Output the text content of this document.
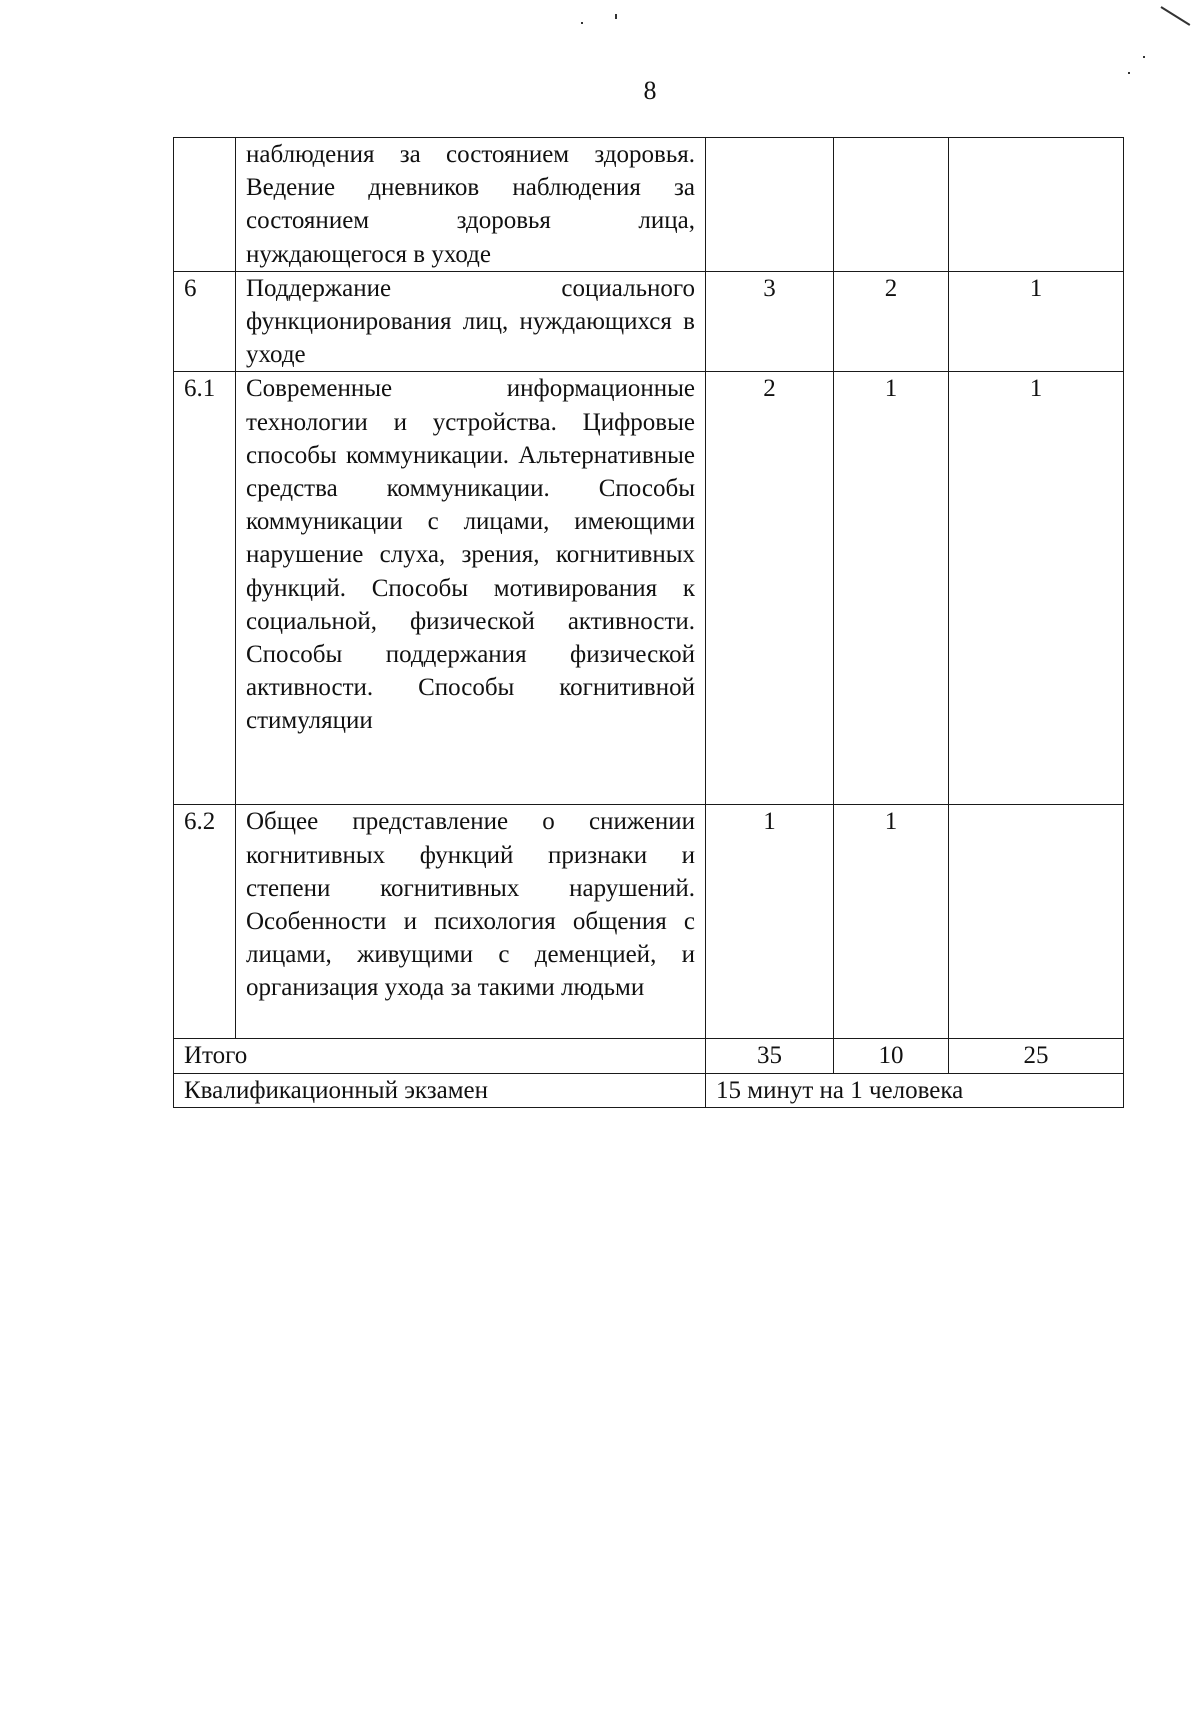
8
	наблюдения за состоянием здоровья. Ведение дневников наблюдения за состоянием здоровья лица, нуждающегося в уходе			
6	Поддержание социального функционирования лиц, нуждающихся в уходе	3	2	1
6.1	Современные информационные технологии и устройства. Цифровые способы коммуникации. Альтернативные средства коммуникации. Способы коммуникации с лицами, имеющими нарушение слуха, зрения, когнитивных функций. Способы мотивирования к социальной, физической активности. Способы поддержания физической активности. Способы когнитивной стимуляции	2	1	1
6.2	Общее представление о снижении когнитивных функций признаки и степени когнитивных нарушений. Особенности и психология общения с лицами, живущими с деменцией, и организация ухода за такими людьми	1	1	
Итого		35	10	25
Квалификационный экзамен		15 минут на 1 человека		
